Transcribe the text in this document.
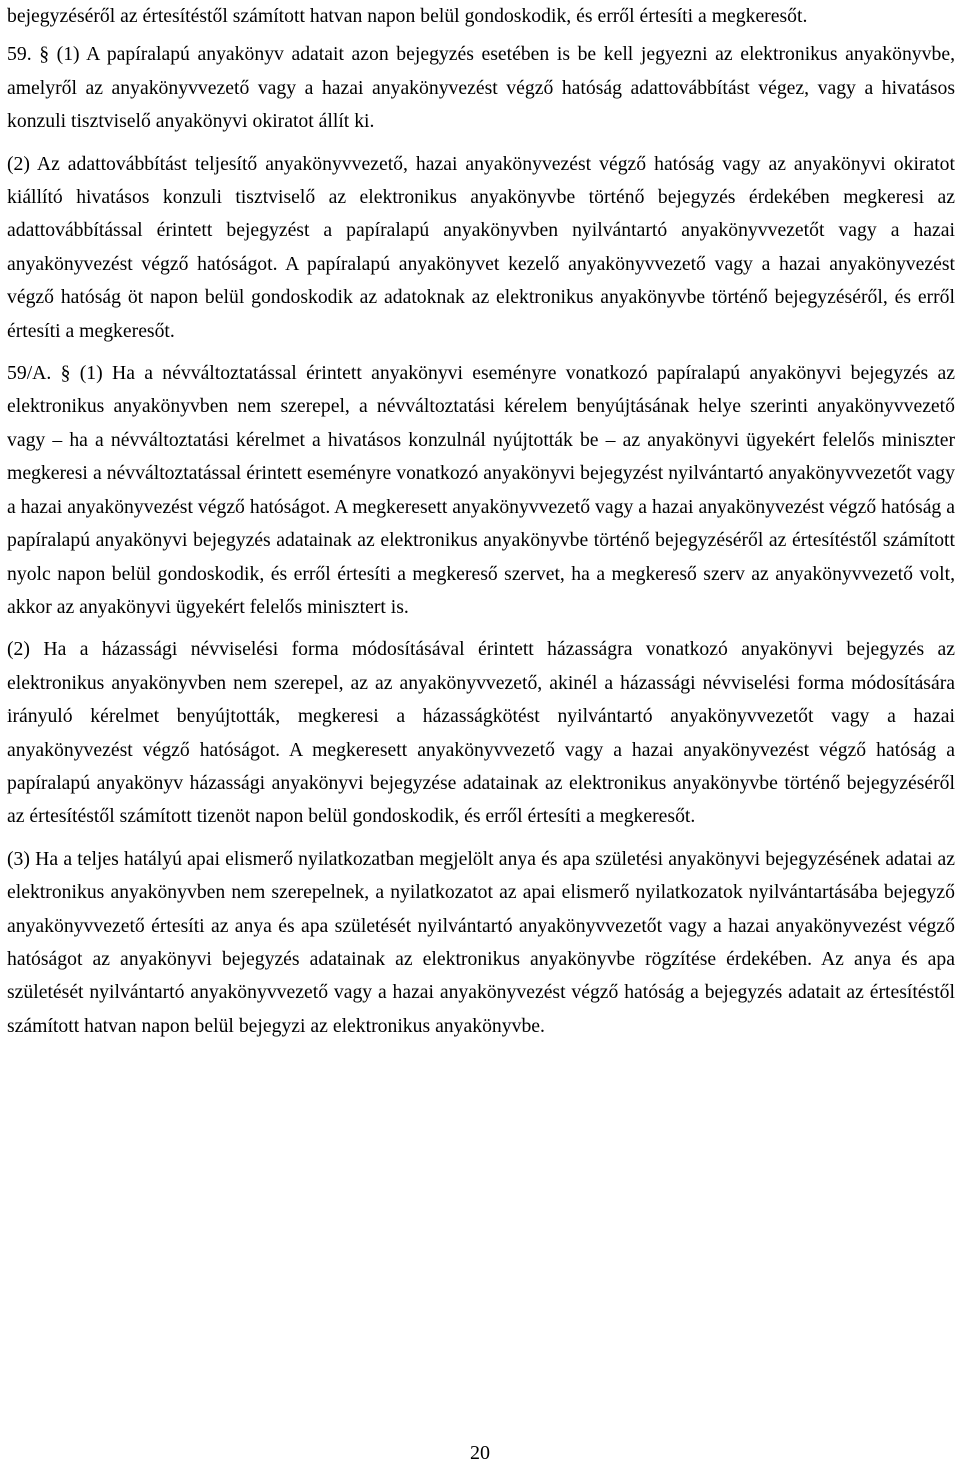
bejegyzéséről az értesítéstől számított hatvan napon belül gondoskodik, és erről értesíti a megkeresőt.

59. § (1) A papíralapú anyakönyv adatait azon bejegyzés esetében is be kell jegyezni az elektronikus anyakönyvbe, amelyről az anyakönyvvezető vagy a hazai anyakönyvezést végző hatóság adattovábbítást végez, vagy a hivatásos konzuli tisztviselő anyakönyvi okiratot állít ki.

(2) Az adattovábbítást teljesítő anyakönyvvezető, hazai anyakönyvezést végző hatóság vagy az anyakönyvi okiratot kiállító hivatásos konzuli tisztviselő az elektronikus anyakönyvbe történő bejegyzés érdekében megkeresi az adattovábbítással érintett bejegyzést a papíralapú anyakönyvben nyilvántartó anyakönyvvezetőt vagy a hazai anyakönyvezést végző hatóságot. A papíralapú anyakönyvet kezelő anyakönyvvezető vagy a hazai anyakönyvezést végző hatóság öt napon belül gondoskodik az adatoknak az elektronikus anyakönyvbe történő bejegyzéséről, és erről értesíti a megkeresőt.

59/A. § (1) Ha a névváltoztatással érintett anyakönyvi eseményre vonatkozó papíralapú anyakönyvi bejegyzés az elektronikus anyakönyvben nem szerepel, a névváltoztatási kérelem benyújtásának helye szerinti anyakönyvvezető vagy – ha a névváltoztatási kérelmet a hivatásos konzulnál nyújtották be – az anyakönyvi ügyekért felelős miniszter megkeresi a névváltoztatással érintett eseményre vonatkozó anyakönyvi bejegyzést nyilvántartó anyakönyvvezetőt vagy a hazai anyakönyvezést végző hatóságot. A megkeresett anyakönyvvezető vagy a hazai anyakönyvezést végző hatóság a papíralapú anyakönyvi bejegyzés adatainak az elektronikus anyakönyvbe történő bejegyzéséről az értesítéstől számított nyolc napon belül gondoskodik, és erről értesíti a megkereső szervet, ha a megkereső szerv az anyakönyvvezető volt, akkor az anyakönyvi ügyekért felelős minisztert is.

(2) Ha a házassági névviselési forma módosításával érintett házasságra vonatkozó anyakönyvi bejegyzés az elektronikus anyakönyvben nem szerepel, az az anyakönyvvezető, akinél a házassági névviselési forma módosítására irányuló kérelmet benyújtották, megkeresi a házasságkötést nyilvántartó anyakönyvvezetőt vagy a hazai anyakönyvezést végző hatóságot. A megkeresett anyakönyvvezető vagy a hazai anyakönyvezést végző hatóság a papíralapú anyakönyv házassági anyakönyvi bejegyzése adatainak az elektronikus anyakönyvbe történő bejegyzéséről az értesítéstől számított tizenöt napon belül gondoskodik, és erről értesíti a megkeresőt.

(3) Ha a teljes hatályú apai elismerő nyilatkozatban megjelölt anya és apa születési anyakönyvi bejegyzésének adatai az elektronikus anyakönyvben nem szerepelnek, a nyilatkozatot az apai elismerő nyilatkozatok nyilvántartásába bejegyző anyakönyvvezető értesíti az anya és apa születését nyilvántartó anyakönyvvezetőt vagy a hazai anyakönyvezést végző hatóságot az anyakönyvi bejegyzés adatainak az elektronikus anyakönyvbe rögzítése érdekében. Az anya és apa születését nyilvántartó anyakönyvvezető vagy a hazai anyakönyvezést végző hatóság a bejegyzés adatait az értesítéstől számított hatvan napon belül bejegyzi az elektronikus anyakönyvbe.

20
